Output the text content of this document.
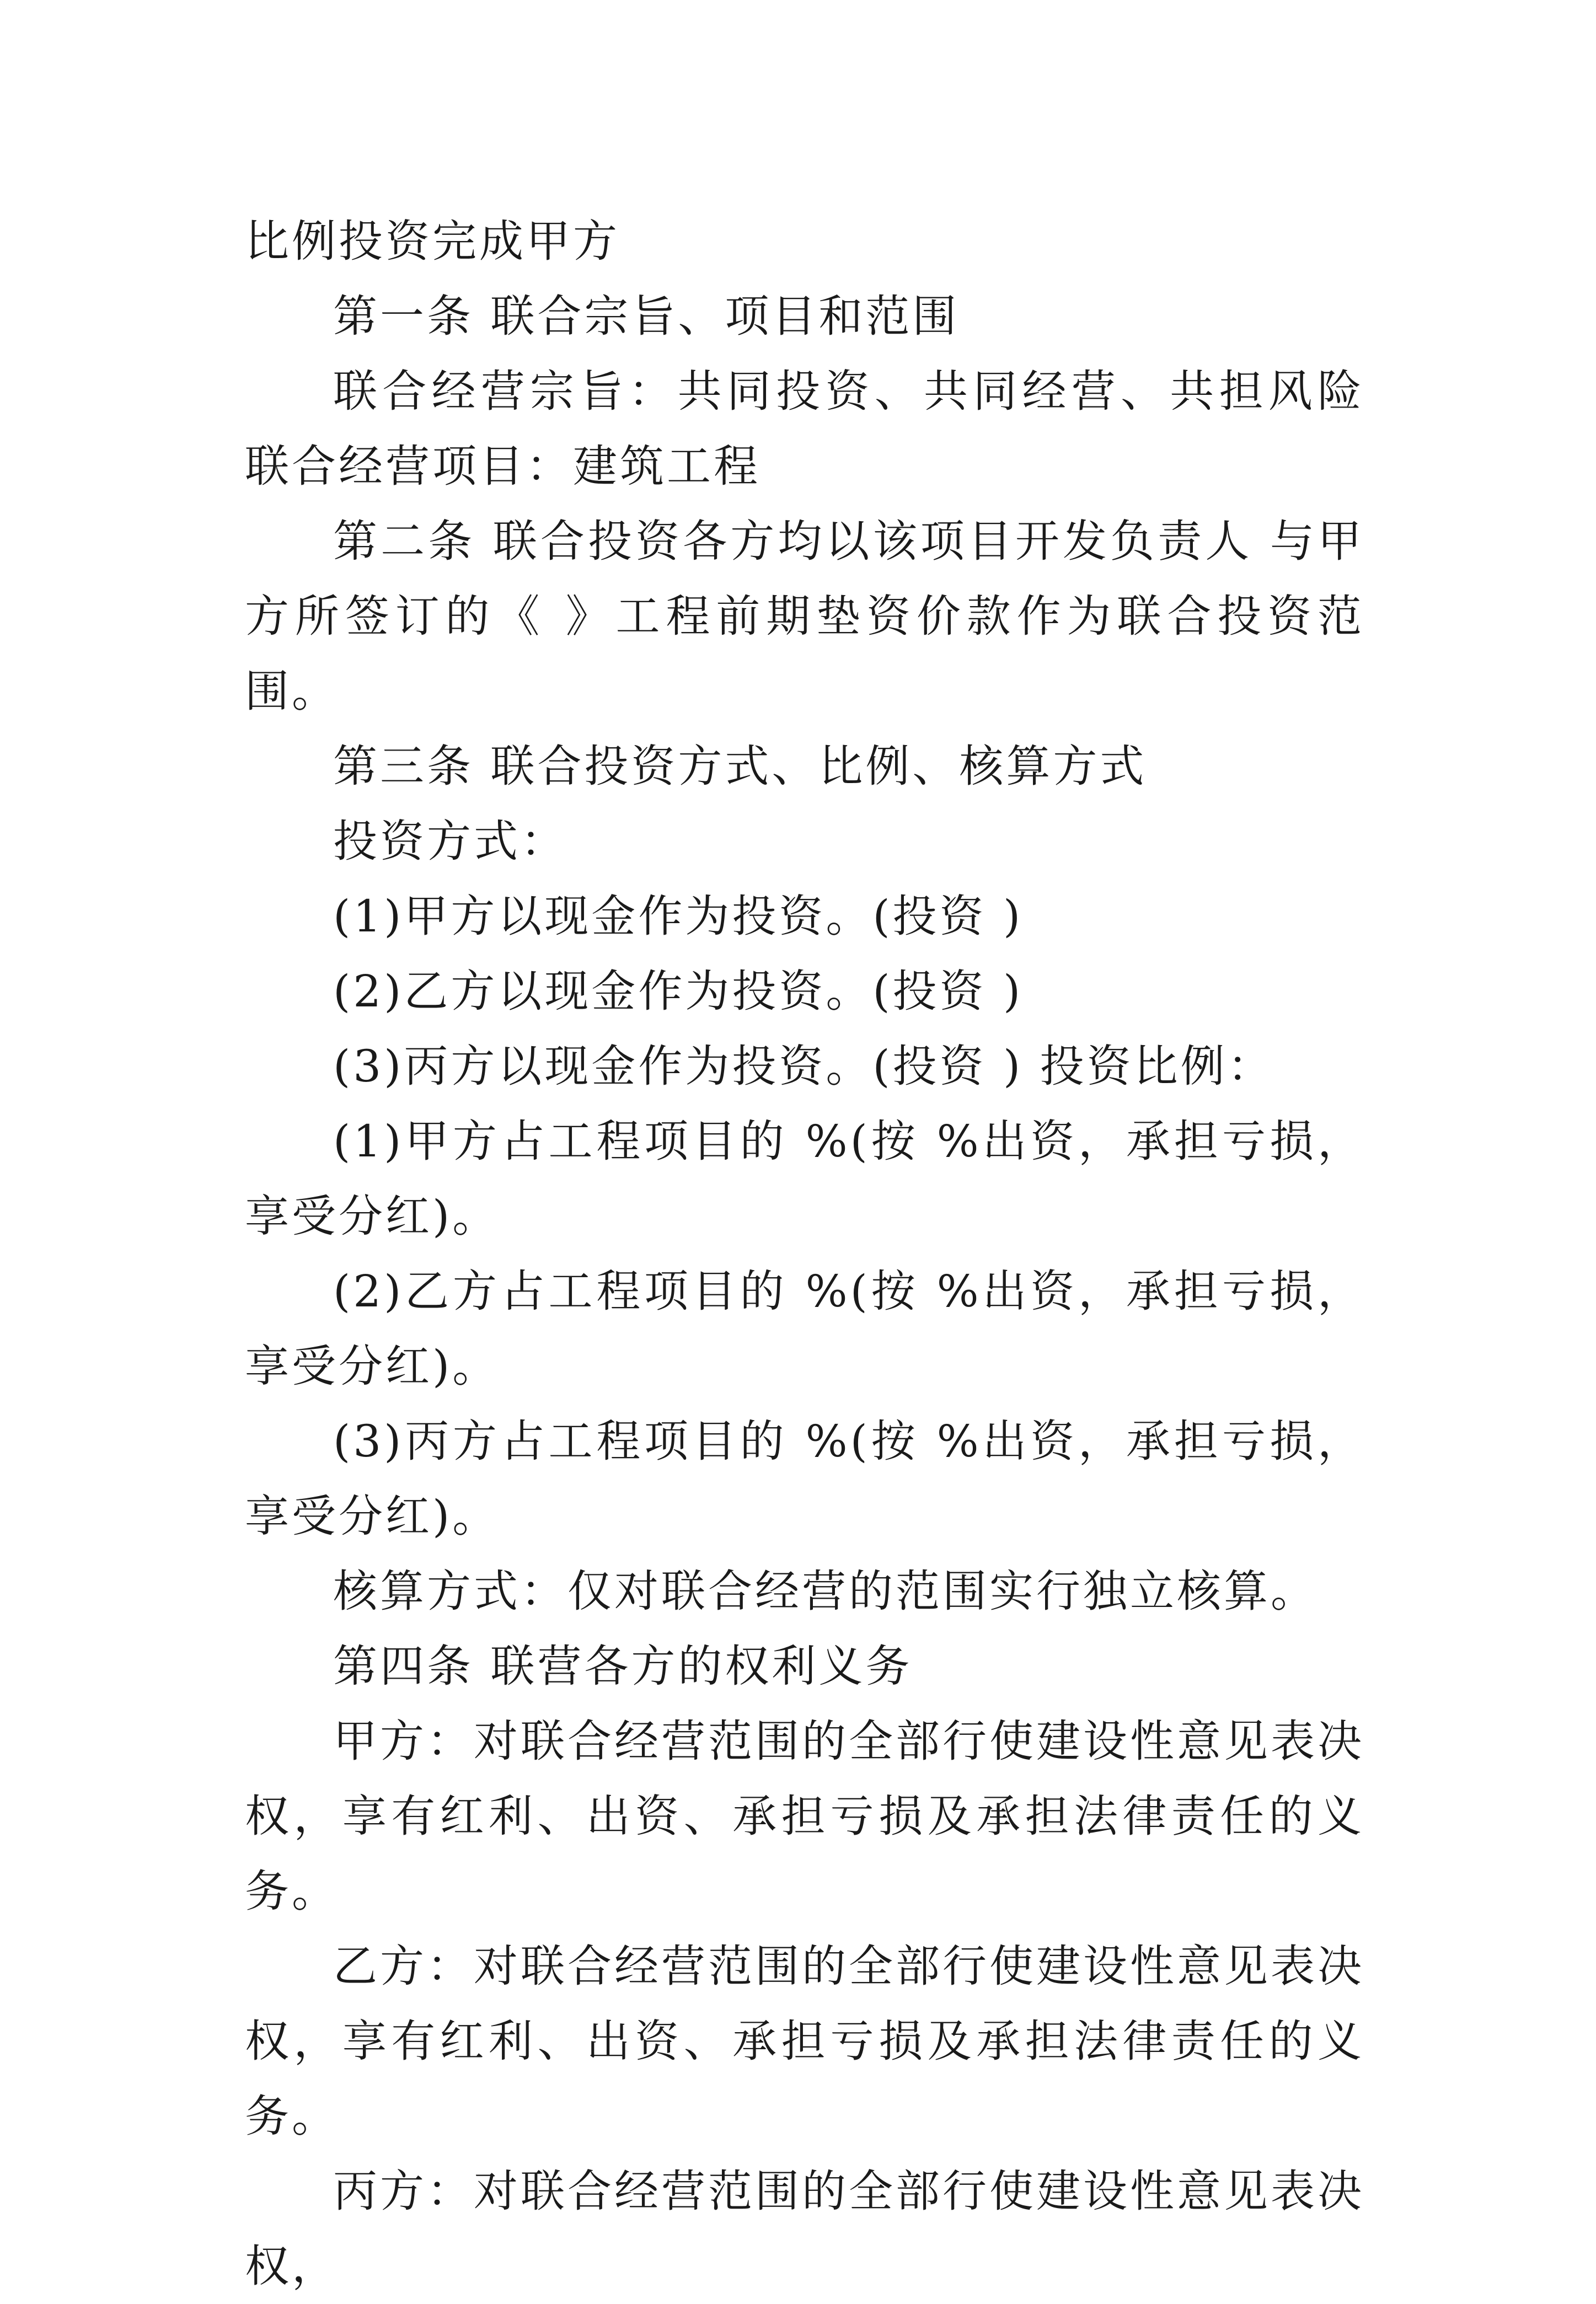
比例投资完成甲方

第一条 联合宗旨、项目和范围

联合经营宗旨：共同投资、共同经营、共担风险 联合经营项目：建筑工程

第二条 联合投资各方均以该项目开发负责人 与甲方所签订的《 》工程前期垫资价款作为联合投资范围。

第三条 联合投资方式、比例、核算方式

投资方式：

(1)甲方以现金作为投资。(投资 )

(2)乙方以现金作为投资。(投资 )

(3)丙方以现金作为投资。(投资 ) 投资比例：

(1)甲方占工程项目的 %(按 %出资，承担亏损，享受分红)。

(2)乙方占工程项目的 %(按 %出资，承担亏损，享受分红)。

(3)丙方占工程项目的 %(按 %出资，承担亏损，享受分红)。

核算方式：仅对联合经营的范围实行独立核算。

第四条 联营各方的权利义务

甲方：对联合经营范围的全部行使建设性意见表决权，享有红利、出资、承担亏损及承担法律责任的义务。

乙方：对联合经营范围的全部行使建设性意见表决权，享有红利、出资、承担亏损及承担法律责任的义务。

丙方：对联合经营范围的全部行使建设性意见表决权，
